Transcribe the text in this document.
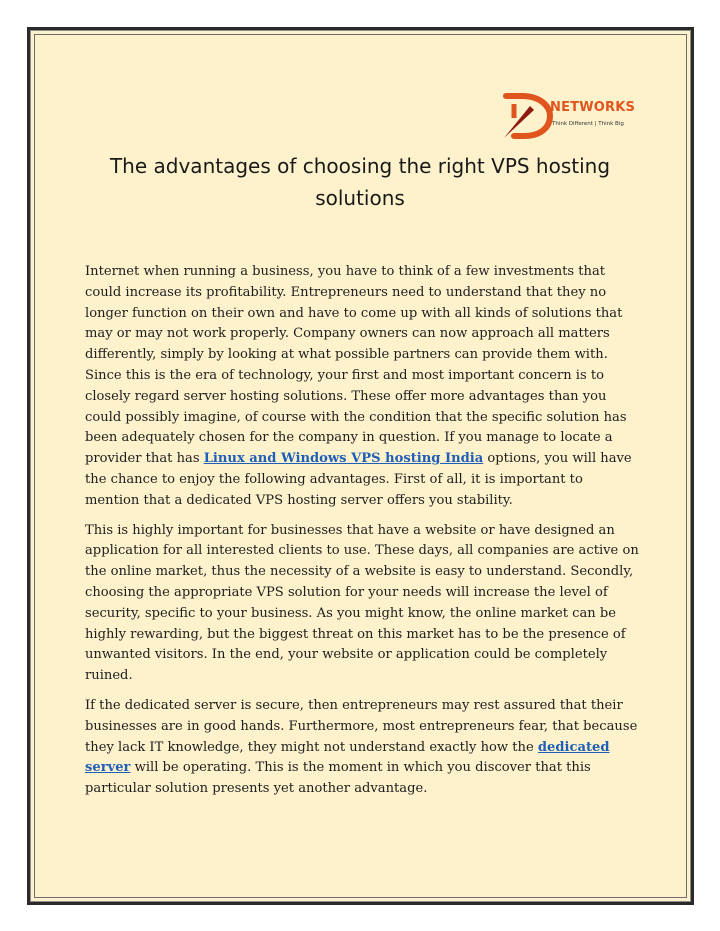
NETWORKS
Think Different | Think Big
The advantages of choosing the right VPS hosting solutions

Internet when running a business, you have to think of a few investments that could increase its profitability. Entrepreneurs need to understand that they no longer function on their own and have to come up with all kinds of solutions that may or may not work properly. Company owners can now approach all matters differently, simply by looking at what possible partners can provide them with. Since this is the era of technology, your first and most important concern is to closely regard server hosting solutions. These offer more advantages than you could possibly imagine, of course with the condition that the specific solution has been adequately chosen for the company in question. If you manage to locate a provider that has Linux and Windows VPS hosting India options, you will have the chance to enjoy the following advantages. First of all, it is important to mention that a dedicated VPS hosting server offers you stability.

This is highly important for businesses that have a website or have designed an application for all interested clients to use. These days, all companies are active on the online market, thus the necessity of a website is easy to understand. Secondly, choosing the appropriate VPS solution for your needs will increase the level of security, specific to your business. As you might know, the online market can be highly rewarding, but the biggest threat on this market has to be the presence of unwanted visitors. In the end, your website or application could be completely ruined.

If the dedicated server is secure, then entrepreneurs may rest assured that their businesses are in good hands. Furthermore, most entrepreneurs fear, that because they lack IT knowledge, they might not understand exactly how the dedicated server will be operating. This is the moment in which you discover that this particular solution presents yet another advantage.
